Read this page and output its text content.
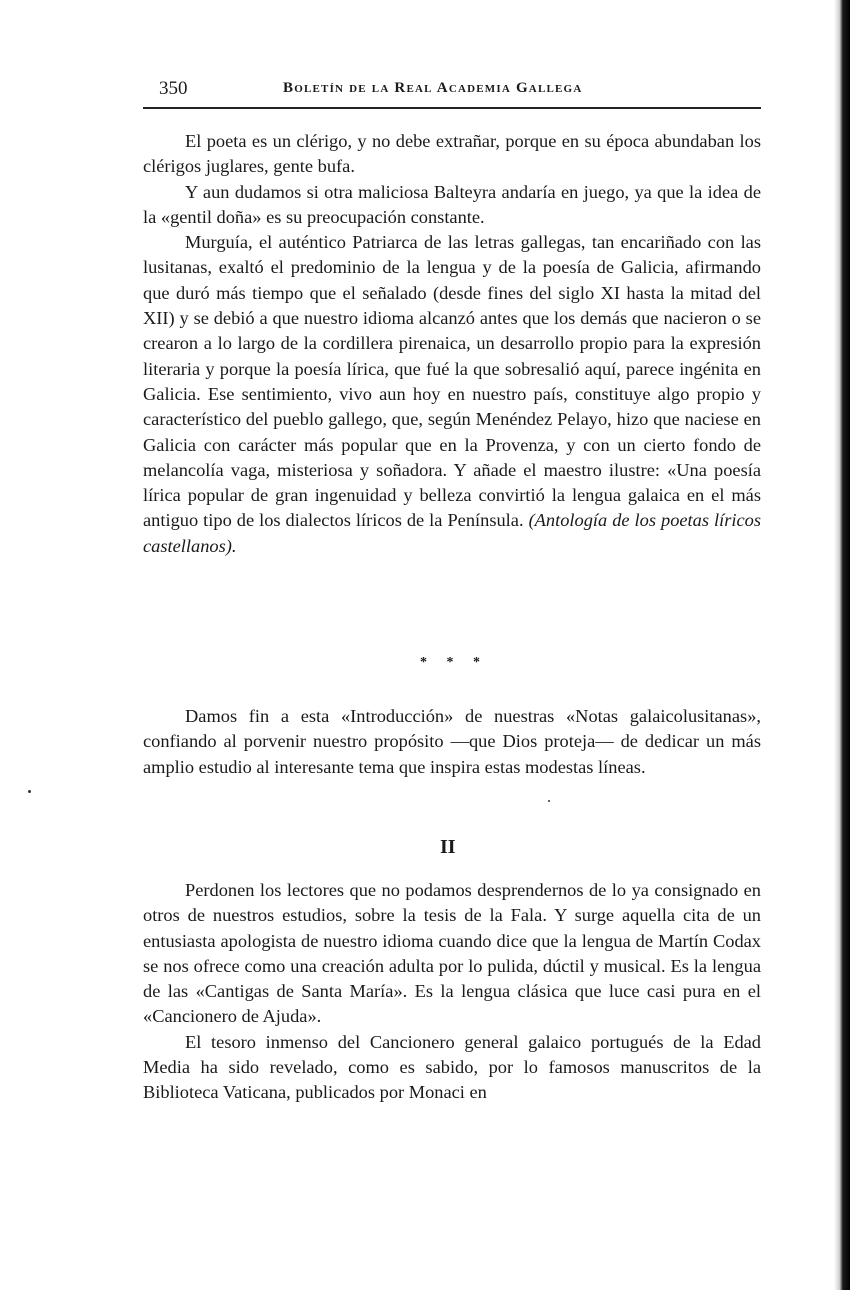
350	Boletín de la Real Academia Gallega

El poeta es un clérigo, y no debe extrañar, porque en su época abundaban los clérigos juglares, gente bufa.

Y aun dudamos si otra maliciosa Balteyra andaría en juego, ya que la idea de la «gentil doña» es su preocupación constante.

Murguía, el auténtico Patriarca de las letras gallegas, tan encariñado con las lusitanas, exaltó el predominio de la lengua y de la poesía de Galicia, afirmando que duró más tiempo que el señalado (desde fines del siglo XI hasta la mitad del XII) y se debió a que nuestro idioma alcanzó antes que los demás que nacieron o se crearon a lo largo de la cordillera pirenaica, un desarrollo propio para la expresión literaria y porque la poesía lírica, que fué la que sobresalió aquí, parece ingénita en Galicia. Ese sentimiento, vivo aun hoy en nuestro país, constituye algo propio y característico del pueblo gallego, que, según Menéndez Pelayo, hizo que naciese en Galicia con carácter más popular que en la Provenza, y con un cierto fondo de melancolía vaga, misteriosa y soñadora. Y añade el maestro ilustre: «Una poesía lírica popular de gran ingenuidad y belleza convirtió la lengua galaica en el más antiguo tipo de los dialectos líricos de la Península. (Antología de los poetas líricos castellanos).

* * *

Damos fin a esta «Introducción» de nuestras «Notas galaicolusitanas», confiando al porvenir nuestro propósito —que Dios proteja— de dedicar un más amplio estudio al interesante tema que inspira estas modestas líneas.

II

Perdonen los lectores que no podamos desprendernos de lo ya consignado en otros de nuestros estudios, sobre la tesis de la Fala. Y surge aquella cita de un entusiasta apologista de nuestro idioma cuando dice que la lengua de Martín Codax se nos ofrece como una creación adulta por lo pulida, dúctil y musical. Es la lengua de las «Cantigas de Santa María». Es la lengua clásica que luce casi pura en el «Cancionero de Ajuda».

El tesoro inmenso del Cancionero general galaico portugués de la Edad Media ha sido revelado, como es sabido, por lo famosos manuscritos de la Biblioteca Vaticana, publicados por Monaci en
